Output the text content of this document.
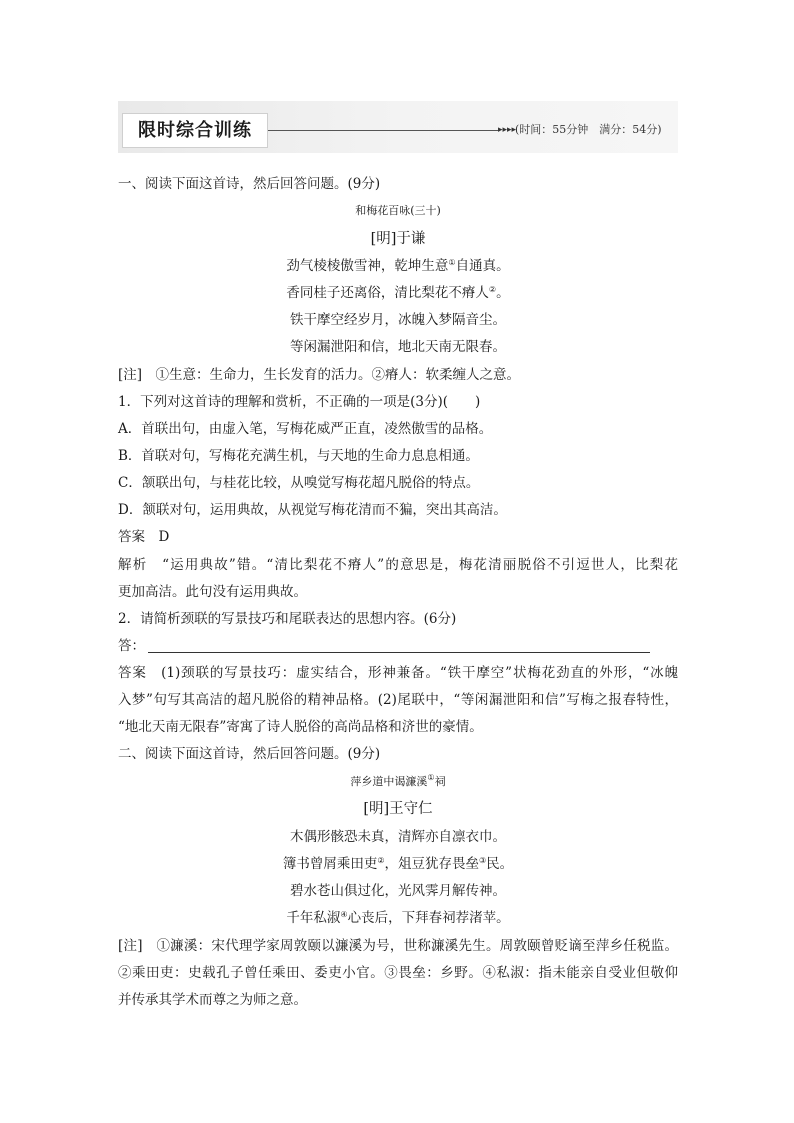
限时综合训练	▸▸▸▸
(时间：55分钟　满分：54分)
一、阅读下面这首诗，然后回答问题。(9分)
和梅花百咏(三十)
[明]于谦
劲气棱棱傲雪神，乾坤生意①自通真。
香同桂子还离俗，清比梨花不瘠人②。
铁干摩空经岁月，冰魄入梦隔音尘。
等闲漏泄阳和信，地北天南无限春。
[注]　①生意：生命力，生长发育的活力。②瘠人：软柔缠人之意。
1．下列对这首诗的理解和赏析，不正确的一项是(3分)(　　)
A．首联出句，由虚入笔，写梅花威严正直，凌然傲雪的品格。
B．首联对句，写梅花充满生机，与天地的生命力息息相通。
C．颔联出句，与桂花比较，从嗅觉写梅花超凡脱俗的特点。
D．颔联对句，运用典故，从视觉写梅花清而不猵，突出其高洁。
答案　D
解析　“运用典故”错。“清比梨花不瘠人”的意思是，梅花清丽脱俗不引逗世人，比梨花
更加高洁。此句没有运用典故。
2．请简析颈联的写景技巧和尾联表达的思想内容。(6分)
答：
答案　(1)颈联的写景技巧：虚实结合，形神兼备。“铁干摩空”状梅花劲直的外形，“冰魄
入梦”句写其高洁的超凡脱俗的精神品格。(2)尾联中，“等闲漏泄阳和信”写梅之报春特性，
“地北天南无限春”寄寓了诗人脱俗的高尚品格和济世的豪情。
二、阅读下面这首诗，然后回答问题。(9分)
萍乡道中谒濂溪①祠
[明]王守仁
木偶形骸恐未真，清辉亦自凛衣巾。
簿书曾屑乘田吏②，俎豆犹存畏垒③民。
碧水苍山俱过化，光风霁月解传神。
千年私淑④心丧后，下拜春祠荐渚苹。
[注]　①濂溪：宋代理学家周敦颐以濂溪为号，世称濂溪先生。周敦颐曾贬谪至萍乡任税监。
②乘田吏：史载孔子曾任乘田、委吏小官。③畏垒：乡野。④私淑：指未能亲自受业但敬仰
并传承其学术而尊之为师之意。
